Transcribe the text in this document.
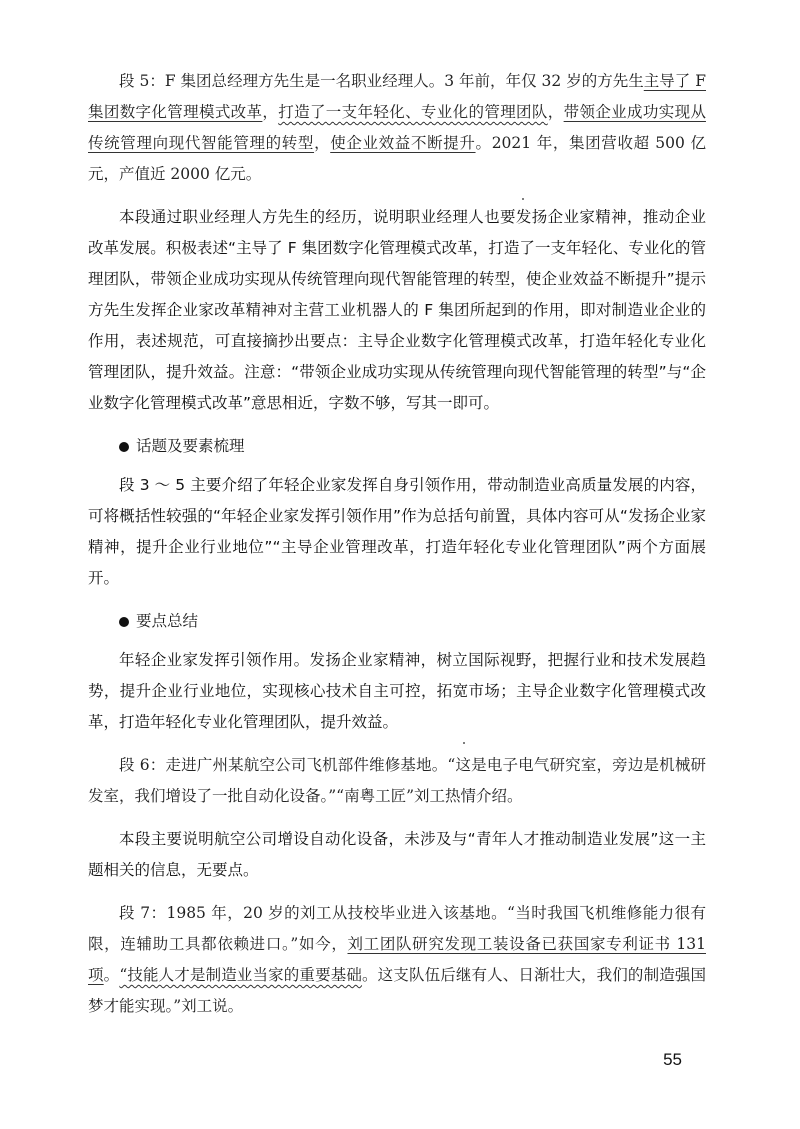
段 5：F 集团总经理方先生是一名职业经理人。3 年前，年仅 32 岁的方先生主导了 F 集团数字化管理模式改革，打造了一支年轻化、专业化的管理团队，带领企业成功实现从传统管理向现代智能管理的转型，使企业效益不断提升。2021 年，集团营收超 500 亿元，产值近 2000 亿元。

本段通过职业经理人方先生的经历，说明职业经理人也要发扬企业家精神，推动企业改革发展。积极表述“主导了 F 集团数字化管理模式改革，打造了一支年轻化、专业化的管理团队，带领企业成功实现从传统管理向现代智能管理的转型，使企业效益不断提升”提示方先生发挥企业家改革精神对主营工业机器人的 F 集团所起到的作用，即对制造业企业的作用，表述规范，可直接摘抄出要点：主导企业数字化管理模式改革，打造年轻化专业化管理团队，提升效益。注意：“带领企业成功实现从传统管理向现代智能管理的转型”与“企业数字化管理模式改革”意思相近，字数不够，写其一即可。

话题及要素梳理

段 3 ～ 5 主要介绍了年轻企业家发挥自身引领作用，带动制造业高质量发展的内容，可将概括性较强的“年轻企业家发挥引领作用”作为总括句前置，具体内容可从“发扬企业家精神，提升企业行业地位”“主导企业管理改革，打造年轻化专业化管理团队”两个方面展开。

要点总结

年轻企业家发挥引领作用。发扬企业家精神，树立国际视野，把握行业和技术发展趋势，提升企业行业地位，实现核心技术自主可控，拓宽市场；主导企业数字化管理模式改革，打造年轻化专业化管理团队，提升效益。

段 6：走进广州某航空公司飞机部件维修基地。“这是电子电气研究室，旁边是机械研发室，我们增设了一批自动化设备。”“南粤工匠”刘工热情介绍。

本段主要说明航空公司增设自动化设备，未涉及与“青年人才推动制造业发展”这一主题相关的信息，无要点。

段 7：1985 年，20 岁的刘工从技校毕业进入该基地。“当时我国飞机维修能力很有限，连辅助工具都依赖进口。”如今，刘工团队研究发现工装设备已获国家专利证书 131 项。“技能人才是制造业当家的重要基础。这支队伍后继有人、日渐壮大，我们的制造强国梦才能实现。”刘工说。

55
